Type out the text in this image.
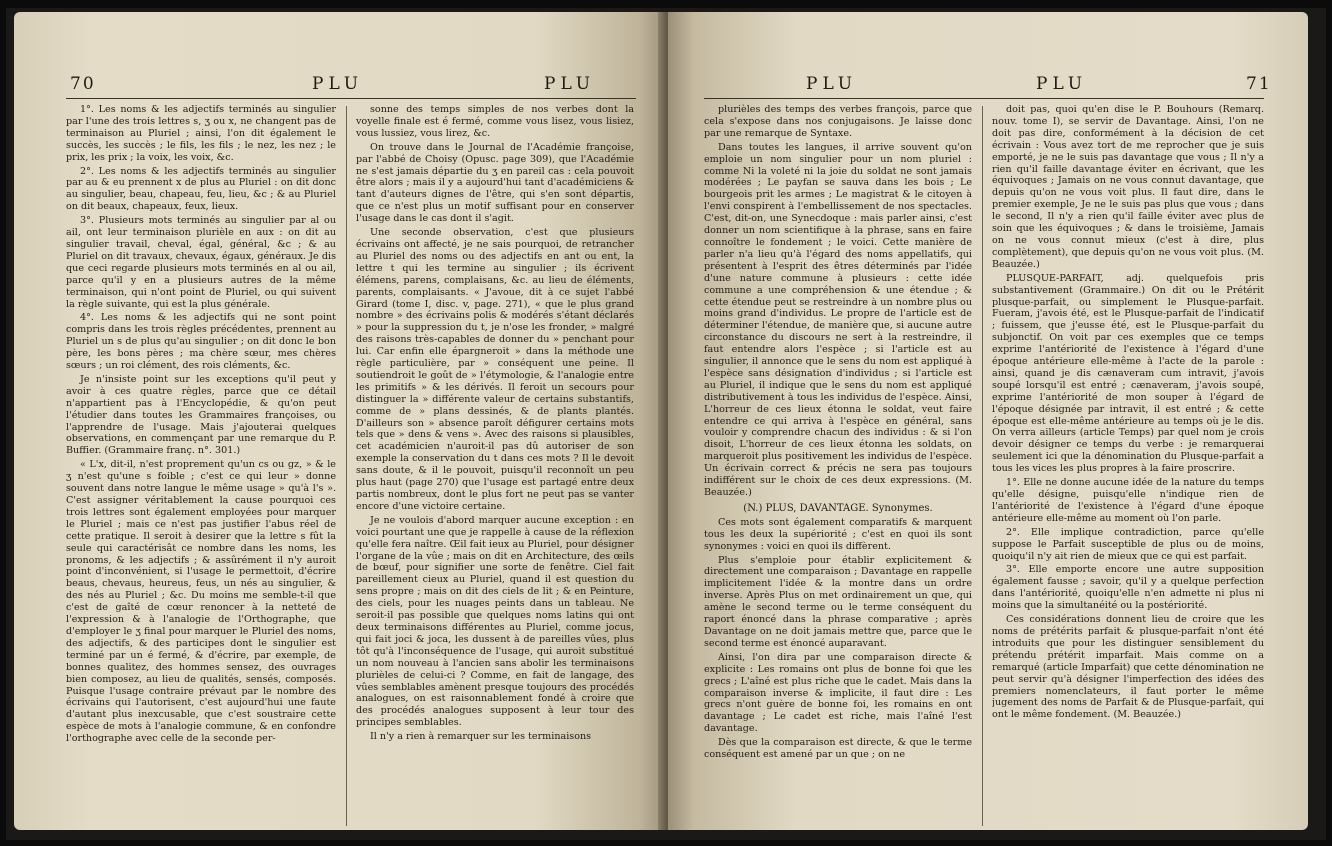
70	PLU	PLU

1°. Les noms & les adjectifs terminés au singulier par l'une des trois lettres s, ʒ ou x, ne changent pas de terminaison au Pluriel ; ainsi, l'on dit également le succès, les succès ; le fils, les fils ; le nez, les nez ; le prix, les prix ; la voix, les voix, &c.

2°. Les noms & les adjectifs terminés au singulier par au & eu prennent x de plus au Pluriel : on dit donc au singulier, beau, chapeau, feu, lieu, &c ; & au Pluriel on dit beaux, chapeaux, feux, lieux.

3°. Plusieurs mots terminés au singulier par al ou ail, ont leur terminaison plurièle en aux : on dit au singulier travail, cheval, égal, général, &c ; & au Pluriel on dit travaux, chevaux, égaux, généraux. Je dis que ceci regarde plusieurs mots terminés en al ou ail, parce qu'il y en a plusieurs autres de la même terminaison, qui n'ont point de Pluriel, ou qui suivent la règle suivante, qui est la plus générale.

4°. Les noms & les adjectifs qui ne sont point compris dans les trois règles précédentes, prennent au Pluriel un s de plus qu'au singulier ; on dit donc le bon père, les bons pères ; ma chère sœur, mes chères sœurs ; un roi clément, des rois cléments, &c.

Je n'insiste point sur les exceptions qu'il peut y avoir à ces quatre règles, parce que ce détail n'appartient pas à l'Encyclopédie, & qu'on peut l'étudier dans toutes les Grammaires françoises, ou l'apprendre de l'usage. Mais j'ajouterai quelques observations, en commençant par une remarque du P. Buffier. (Grammaire franç. n°. 301.)

« L'x, dit-il, n'est proprement qu'un cs ou gz, » & le ʒ n'est qu'une s foible ; c'est ce qui leur » donne souvent dans notre langue le même usage » qu'à l's ». C'est assigner véritablement la cause pourquoi ces trois lettres sont également employées pour marquer le Pluriel ; mais ce n'est pas justifier l'abus réel de cette pratique. Il seroit à desirer que la lettre s fût la seule qui caractérisât ce nombre dans les noms, les pronoms, & les adjectifs ; & assûrément il n'y auroit point d'inconvénient, si l'usage le permettoit, d'écrire beaus, chevaus, heureus, feus, un nés au singulier, & des nés au Pluriel ; &c. Du moins me semble-t-il que c'est de gaîté de cœur renoncer à la netteté de l'expression & à l'analogie de l'Orthographe, que d'employer le ʒ final pour marquer le Pluriel des noms, des adjectifs, & des participes dont le singulier est terminé par un é fermé, & d'écrire, par exemple, de bonnes qualitez, des hommes sensez, des ouvrages bien composez, au lieu de qualités, sensés, composés. Puisque l'usage contraire prévaut par le nombre des écrivains qui l'autorisent, c'est aujourd'hui une faute d'autant plus inexcusable, que c'est soustraire cette espèce de mots à l'analogie commune, & en confondre l'orthographe avec celle de la seconde per-

sonne des temps simples de nos verbes dont la voyelle finale est é fermé, comme vous lisez, vous lisiez, vous lussiez, vous lirez, &c.

On trouve dans le Journal de l'Académie françoise, par l'abbé de Choisy (Opusc. page 309), que l'Académie ne s'est jamais départie du ʒ en pareil cas : cela pouvoit être alors ; mais il y a aujourd'hui tant d'académiciens & tant d'auteurs dignes de l'être, qui s'en sont départis, que ce n'est plus un motif suffisant pour en conserver l'usage dans le cas dont il s'agit.

Une seconde observation, c'est que plusieurs écrivains ont affecté, je ne sais pourquoi, de retrancher au Pluriel des noms ou des adjectifs en ant ou ent, la lettre t qui les termine au singulier ; ils écrivent élémens, parens, complaisans, &c. au lieu de éléments, parents, complaisants. « J'avoue, dit à ce sujet l'abbé Girard (tome I, disc. v, page. 271), « que le plus grand nombre » des écrivains polis & modérés s'étant déclarés » pour la suppression du t, je n'ose les fronder, » malgré des raisons très-capables de donner du » penchant pour lui. Car enfin elle épargneroit » dans la méthode une règle particulière, par » conséquent une peine. Il soutiendroit le goût de » l'étymologie, & l'analogie entre les primitifs » & les dérivés. Il feroit un secours pour distinguer la » différente valeur de certains substantifs, comme de » plans dessinés, & de plants plantés. D'ailleurs son » absence paroît défigurer certains mots tels que » dens & vens ». Avec des raisons si plausibles, cet académicien n'auroit-il pas dû autoriser de son exemple la conservation du t dans ces mots ? Il le devoit sans doute, & il le pouvoit, puisqu'il reconnoît un peu plus haut (page 270) que l'usage est partagé entre deux partis nombreux, dont le plus fort ne peut pas se vanter encore d'une victoire certaine.

Je ne voulois d'abord marquer aucune exception : en voici pourtant une que je rappelle à cause de la réflexion qu'elle fera naître. Œil fait ieux au Pluriel, pour désigner l'organe de la vûe ; mais on dit en Architecture, des œils de bœuf, pour signifier une sorte de fenêtre. Ciel fait pareillement cieux au Pluriel, quand il est question du sens propre ; mais on dit des ciels de lit ; & en Peinture, des ciels, pour les nuages peints dans un tableau. Ne seroit-il pas possible que quelques noms latins qui ont deux terminaisons différentes au Pluriel, comme jocus, qui fait joci & joca, les dussent à de pareilles vûes, plus tôt qu'à l'inconséquence de l'usage, qui auroit substitué un nom nouveau à l'ancien sans abolir les terminaisons plurièles de celui-ci ? Comme, en fait de langage, des vûes semblables amènent presque toujours des procédés analogues, on est raisonnablement fondé à croire que des procédés analogues supposent à leur tour des principes semblables.

Il n'y a rien à remarquer sur les terminaisons

PLU	PLU	71

plurièles des temps des verbes françois, parce que cela s'expose dans nos conjugaisons. Je laisse donc par une remarque de Syntaxe.

Dans toutes les langues, il arrive souvent qu'on emploie un nom singulier pour un nom pluriel : comme Ni la voleté ni la joie du soldat ne sont jamais modérées ; Le payfan se sauva dans les bois ; Le bourgeois prit les armes ; Le magistrat & le citoyen à l'envi conspirent à l'embellissement de nos spectacles. C'est, dit-on, une Synecdoque : mais parler ainsi, c'est donner un nom scientifique à la phrase, sans en faire connoître le fondement ; le voici. Cette manière de parler n'a lieu qu'à l'égard des noms appellatifs, qui présentent à l'esprit des êtres déterminés par l'idée d'une nature commune à plusieurs : cette idée commune a une compréhension & une étendue ; & cette étendue peut se restreindre à un nombre plus ou moins grand d'individus. Le propre de l'article est de déterminer l'étendue, de manière que, si aucune autre circonstance du discours ne sert à la restreindre, il faut entendre alors l'espèce ; si l'article est au singulier, il annonce que le sens du nom est appliqué à l'espèce sans désignation d'individus ; si l'article est au Pluriel, il indique que le sens du nom est appliqué distributivement à tous les individus de l'espèce. Ainsi, L'horreur de ces lieux étonna le soldat, veut faire entendre ce qui arriva à l'espèce en général, sans vouloir y comprendre chacun des individus : & si l'on disoit, L'horreur de ces lieux étonna les soldats, on marqueroit plus positivement les individus de l'espèce. Un écrivain correct & précis ne sera pas toujours indifférent sur le choix de ces deux expressions. (M. Beauzée.)

(N.) PLUS, DAVANTAGE. Synonymes.

Ces mots sont également comparatifs & marquent tous les deux la supériorité ; c'est en quoi ils sont synonymes : voici en quoi ils diffèrent.

Plus s'emploie pour établir explicitement & directement une comparaison ; Davantage en rappelle implicitement l'idée & la montre dans un ordre inverse. Après Plus on met ordinairement un que, qui amène le second terme ou le terme conséquent du raport énoncé dans la phrase comparative ; après Davantage on ne doit jamais mettre que, parce que le second terme est énoncé auparavant.

Ainsi, l'on dira par une comparaison directe & explicite : Les romains ont plus de bonne foi que les grecs ; L'aîné est plus riche que le cadet. Mais dans la comparaison inverse & implicite, il faut dire : Les grecs n'ont guère de bonne foi, les romains en ont davantage ; Le cadet est riche, mais l'aîné l'est davantage.

Dès que la comparaison est directe, & que le terme conséquent est amené par un que ; on ne

doit pas, quoi qu'en dise le P. Bouhours (Remarq. nouv. tome I), se servir de Davantage. Ainsi, l'on ne doit pas dire, conformément à la décision de cet écrivain : Vous avez tort de me reprocher que je suis emporté, je ne le suis pas davantage que vous ; Il n'y a rien qu'il faille davantage éviter en écrivant, que les équivoques ; Jamais on ne vous connut davantage, que depuis qu'on ne vous voit plus. Il faut dire, dans le premier exemple, Je ne le suis pas plus que vous ; dans le second, Il n'y a rien qu'il faille éviter avec plus de soin que les équivoques ; & dans le troisième, Jamais on ne vous connut mieux (c'est à dire, plus complètement), que depuis qu'on ne vous voit plus. (M. Beauzée.)

PLUSQUE-PARFAIT, adj. quelquefois pris substantivement (Grammaire.) On dit ou le Prétérit plusque-parfait, ou simplement le Plusque-parfait. Fueram, j'avois été, est le Plusque-parfait de l'indicatif ; fuissem, que j'eusse été, est le Plusque-parfait du subjonctif. On voit par ces exemples que ce temps exprime l'antériorité de l'existence à l'égard d'une époque antérieure elle-même à l'acte de la parole : ainsi, quand je dis cænaveram cum intravit, j'avois soupé lorsqu'il est entré ; cænaveram, j'avois soupé, exprime l'antériorité de mon souper à l'égard de l'époque désignée par intravit, il est entré ; & cette époque est elle-même antérieure au temps où je le dis. On verra ailleurs (article Temps) par quel nom je crois devoir désigner ce temps du verbe : je remarquerai seulement ici que la dénomination du Plusque-parfait a tous les vices les plus propres à la faire proscrire.

1°. Elle ne donne aucune idée de la nature du temps qu'elle désigne, puisqu'elle n'indique rien de l'antériorité de l'existence à l'égard d'une époque antérieure elle-même au moment où l'on parle.

2°. Elle implique contradiction, parce qu'elle suppose le Parfait susceptible de plus ou de moins, quoiqu'il n'y ait rien de mieux que ce qui est parfait.

3°. Elle emporte encore une autre supposition également fausse ; savoir, qu'il y a quelque perfection dans l'antériorité, quoiqu'elle n'en admette ni plus ni moins que la simultanéité ou la postériorité.

Ces considérations donnent lieu de croire que les noms de prétérits parfait & plusque-parfait n'ont été introduits que pour les distinguer sensiblement du prétendu prétérit imparfait. Mais comme on a remarqué (article Imparfait) que cette dénomination ne peut servir qu'à désigner l'imperfection des idées des premiers nomenclateurs, il faut porter le même jugement des noms de Parfait & de Plusque-parfait, qui ont le même fondement. (M. Beauzée.)
